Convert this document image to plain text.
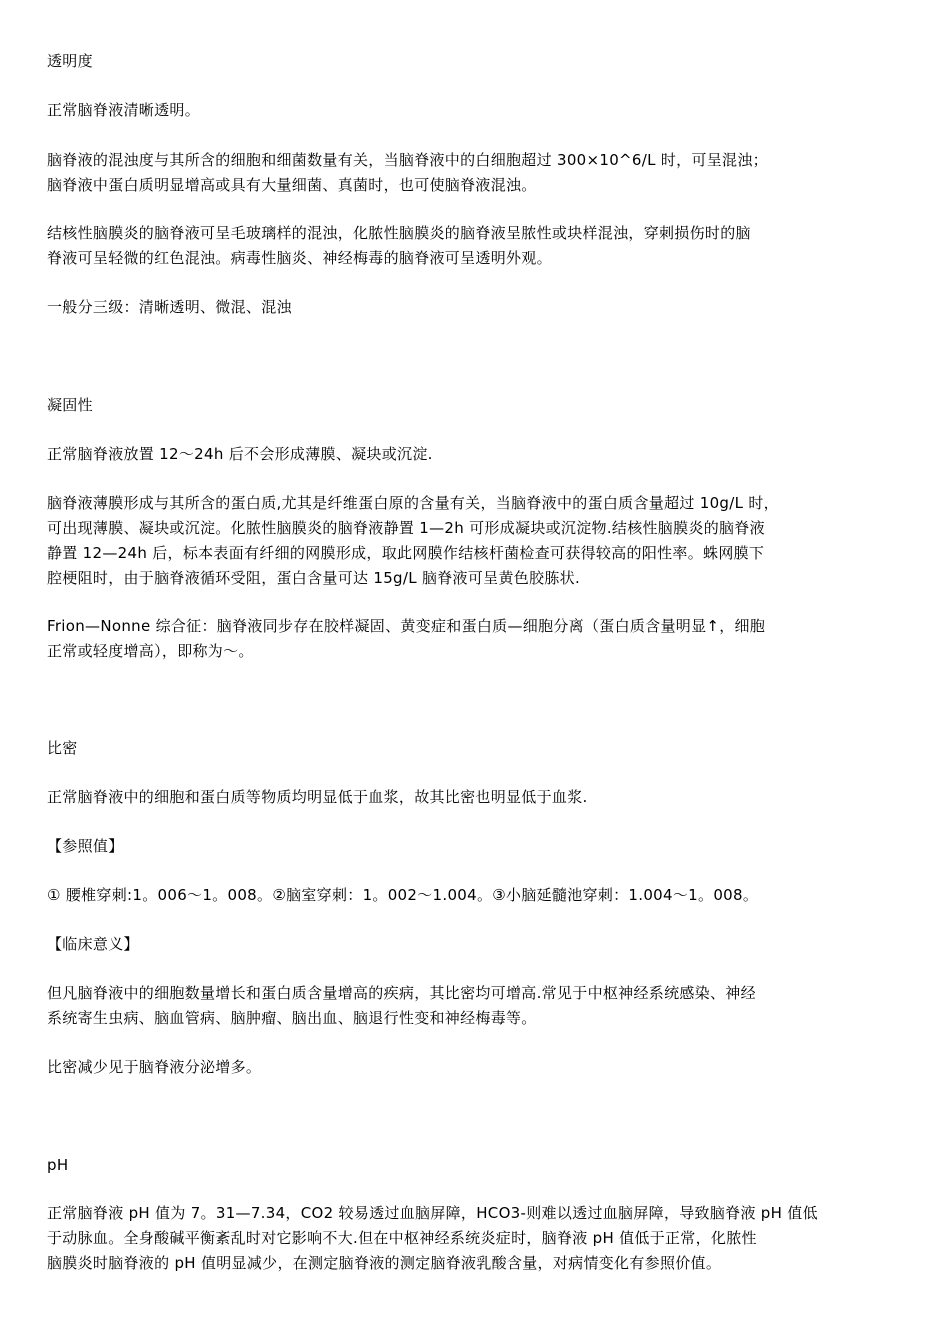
透明度
正常脑脊液清晰透明。
脑脊液的混浊度与其所含的细胞和细菌数量有关，当脑脊液中的白细胞超过 300×10^6/L 时，可呈混浊；
脑脊液中蛋白质明显增高或具有大量细菌、真菌时，也可使脑脊液混浊。
结核性脑膜炎的脑脊液可呈毛玻璃样的混浊，化脓性脑膜炎的脑脊液呈脓性或块样混浊，穿刺损伤时的脑
脊液可呈轻微的红色混浊。病毒性脑炎、神经梅毒的脑脊液可呈透明外观。
一般分三级：清晰透明、微混、混浊
凝固性
正常脑脊液放置 12～24h 后不会形成薄膜、凝块或沉淀.
脑脊液薄膜形成与其所含的蛋白质,尤其是纤维蛋白原的含量有关，当脑脊液中的蛋白质含量超过 10g/L 时，
可出现薄膜、凝块或沉淀。化脓性脑膜炎的脑脊液静置 1—2h 可形成凝块或沉淀物.结核性脑膜炎的脑脊液
静置 12—24h 后，标本表面有纤细的网膜形成，取此网膜作结核杆菌检查可获得较高的阳性率。蛛网膜下
腔梗阻时，由于脑脊液循环受阻，蛋白含量可达 15g/L 脑脊液可呈黄色胶胨状.
Frion—Nonne 综合征：脑脊液同步存在胶样凝固、黄变症和蛋白质—细胞分离（蛋白质含量明显↑，细胞
正常或轻度增高），即称为～。
比密
正常脑脊液中的细胞和蛋白质等物质均明显低于血浆，故其比密也明显低于血浆.
【参照值】
① 腰椎穿刺:1。006～1。008。②脑室穿刺：1。002～1.004。③小脑延髓池穿刺：1.004～1。008。
【临床意义】
但凡脑脊液中的细胞数量增长和蛋白质含量增高的疾病，其比密均可增高.常见于中枢神经系统感染、神经
系统寄生虫病、脑血管病、脑肿瘤、脑出血、脑退行性变和神经梅毒等。
比密减少见于脑脊液分泌增多。
pH
正常脑脊液 pH 值为 7。31—7.34，CO2 较易透过血脑屏障，HCO3-则难以透过血脑屏障，导致脑脊液 pH 值低
于动脉血。全身酸碱平衡紊乱时对它影响不大.但在中枢神经系统炎症时，脑脊液 pH 值低于正常，化脓性
脑膜炎时脑脊液的 pH 值明显减少，在测定脑脊液的测定脑脊液乳酸含量，对病情变化有参照价值。
